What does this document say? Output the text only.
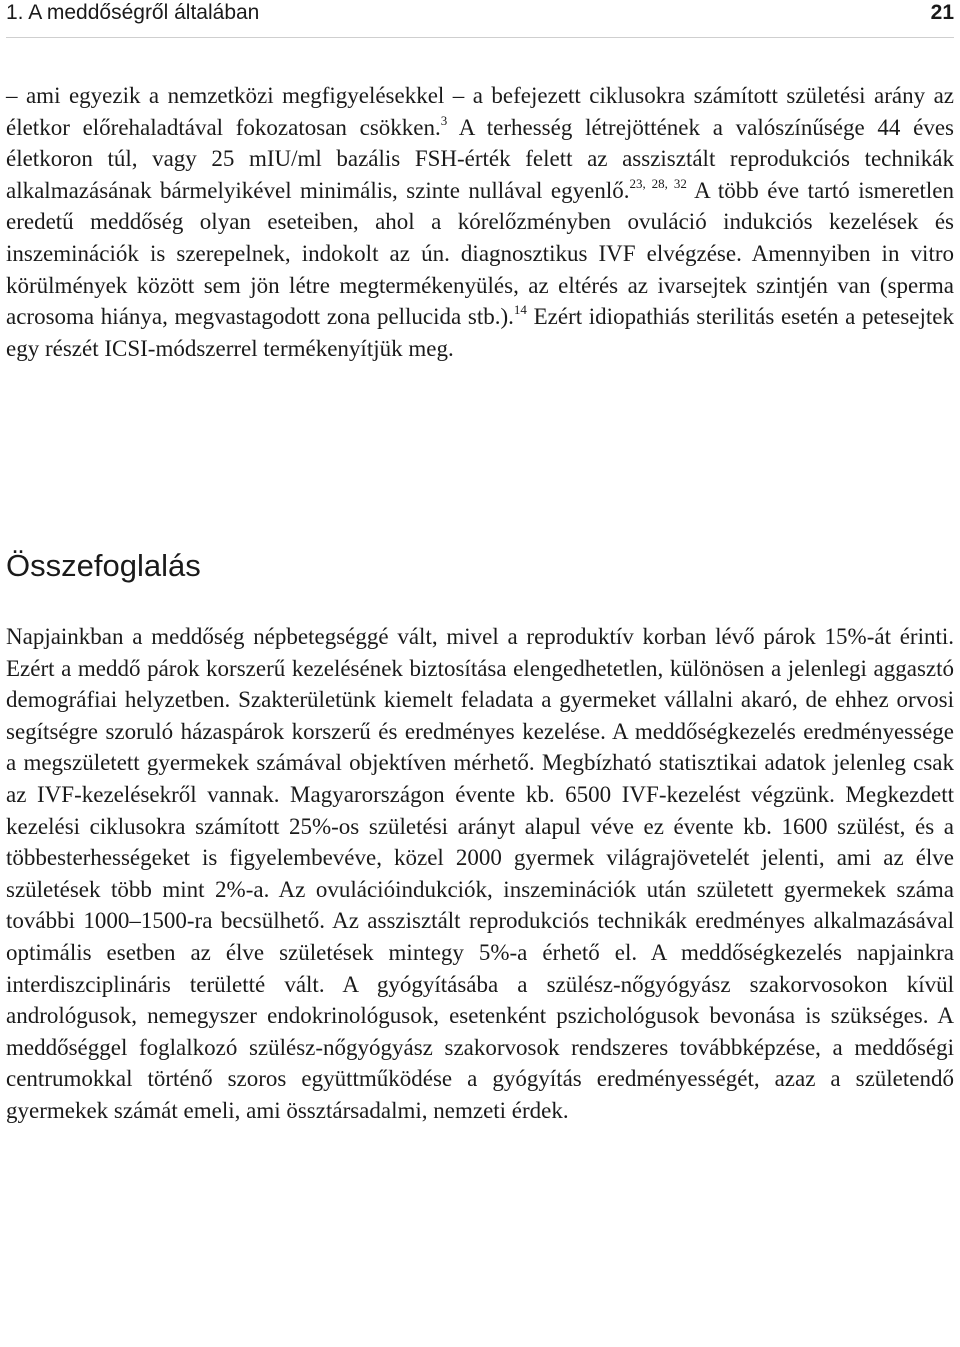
1. A meddőségről általában	21

– ami egyezik a nemzetközi megfigyelésekkel – a befejezett ciklusokra számított születési arány az életkor előrehaladtával fokozatosan csökken.$^3$ A terhesség létrejöttének a valószínűsége 44 éves életkoron túl, vagy 25 mIU/ml bazális FSH-érték felett az asszisztált reprodukciós technikák alkalmazásának bármelyikével minimális, szinte nullával egyenlő.$^{23, 28, 32}$ A több éve tartó ismeretlen eredetű meddőség olyan eseteiben, ahol a kórelőzményben ovuláció indukciós kezelések és inszeminációk is szerepelnek, indokolt az ún. diagnosztikus IVF elvégzése. Amennyiben in vitro körülmények között sem jön létre megtermékenyülés, az eltérés az ivarsejtek szintjén van (sperma acrosoma hiánya, megvastagodott zona pellucida stb.).$^{14}$ Ezért idiopathiás sterilitás esetén a petesejtek egy részét ICSI-módszerrel termékenyítjük meg.

Összefoglalás

Napjainkban a meddőség népbetegséggé vált, mivel a reproduktív korban lévő párok 15%-át érinti. Ezért a meddő párok korszerű kezelésének biztosítása elengedhetetlen, különösen a jelenlegi aggasztó demográfiai helyzetben. Szakterületünk kiemelt feladata a gyermeket vállalni akaró, de ehhez orvosi segítségre szoruló házaspárok korszerű és eredményes kezelése. A meddőségkezelés eredményessége a megszületett gyermekek számával objektíven mérhető. Megbízható statisztikai adatok jelenleg csak az IVF-kezelésekről vannak. Magyarországon évente kb. 6500 IVF-kezelést végzünk. Megkezdett kezelési ciklusokra számított 25%-os születési arányt alapul véve ez évente kb. 1600 szülést, és a többesterhességeket is figyelembevéve, közel 2000 gyermek világrajövetelét jelenti, ami az élve születések több mint 2%-a. Az ovulációindukciók, inszeminációk után született gyermekek száma további 1000–1500-ra becsülhető. Az asszisztált reprodukciós technikák eredményes alkalmazásával optimális esetben az élve születések mintegy 5%-a érhető el. A meddőségkezelés napjainkra interdiszciplináris területté vált. A gyógyításába a szülész-nőgyógyász szakorvosokon kívül andrológusok, nemegyszer endokrinológusok, esetenként pszichológusok bevonása is szükséges. A meddőséggel foglalkozó szülész-nőgyógyász szakorvosok rendszeres továbbképzése, a meddőségi centrumokkal történő szoros együttműködése a gyógyítás eredményességét, azaz a születendő gyermekek számát emeli, ami össztársadalmi, nemzeti érdek.
